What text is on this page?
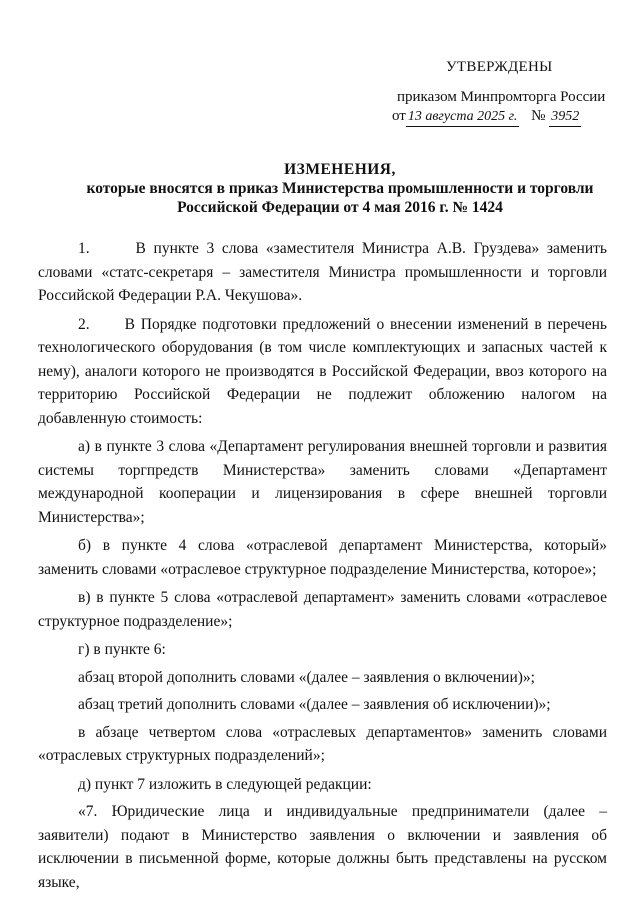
УТВЕРЖДЕНЫ
приказом Минпромторга России
от 13 августа 2025 г. № 3952
ИЗМЕНЕНИЯ,
которые вносятся в приказ Министерства промышленности и торговли
Российской Федерации от 4 мая 2016 г. № 1424

1.      В пункте 3 слова «заместителя Министра А.В. Груздева» заменить словами «статс-секретаря – заместителя Министра промышленности и торговли Российской Федерации Р.А. Чекушова».

2.      В Порядке подготовки предложений о внесении изменений в перечень технологического оборудования (в том числе комплектующих и запасных частей к нему), аналоги которого не производятся в Российской Федерации, ввоз которого на территорию Российской Федерации не подлежит обложению налогом на добавленную стоимость:

а) в пункте 3 слова «Департамент регулирования внешней торговли и развития системы торгпредств Министерства» заменить словами «Департамент международной кооперации и лицензирования в сфере внешней торговли Министерства»;

б) в пункте 4 слова «отраслевой департамент Министерства, который» заменить словами «отраслевое структурное подразделение Министерства, которое»;

в) в пункте 5 слова «отраслевой департамент» заменить словами «отраслевое структурное подразделение»;

г) в пункте 6:

абзац второй дополнить словами «(далее – заявления о включении)»;

абзац третий дополнить словами «(далее – заявления об исключении)»;

в абзаце четвертом слова «отраслевых департаментов» заменить словами «отраслевых структурных подразделений»;

д) пункт 7 изложить в следующей редакции:

«7. Юридические лица и индивидуальные предприниматели (далее – заявители) подают в Министерство заявления о включении и заявления об исключении в письменной форме, которые должны быть представлены на русском языке,
